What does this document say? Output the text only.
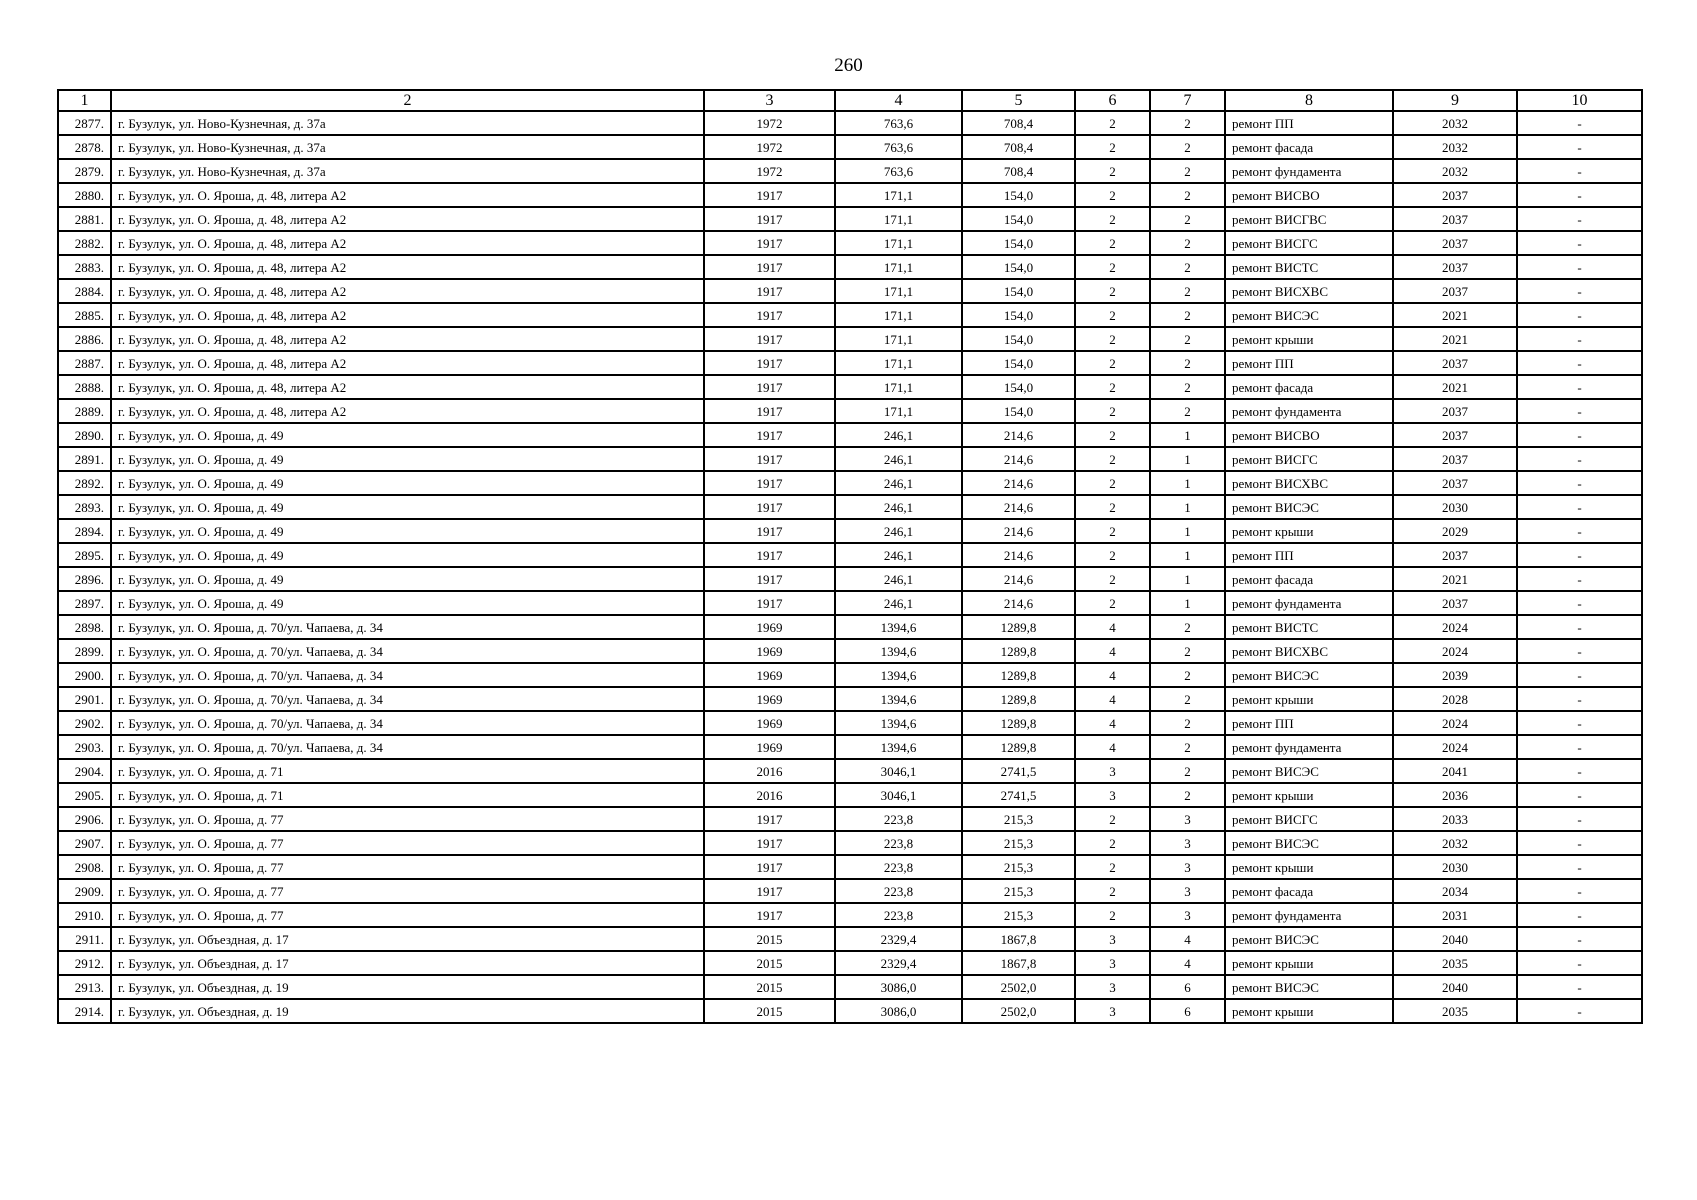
260
1	2	3	4	5	6	7	8	9	10
2877.	г. Бузулук, ул. Ново-Кузнечная, д. 37а	1972	763,6	708,4	2	2	ремонт ПП	2032	-
2878.	г. Бузулук, ул. Ново-Кузнечная, д. 37а	1972	763,6	708,4	2	2	ремонт фасада	2032	-
2879.	г. Бузулук, ул. Ново-Кузнечная, д. 37а	1972	763,6	708,4	2	2	ремонт фундамента	2032	-
2880.	г. Бузулук, ул. О. Яроша, д. 48, литера А2	1917	171,1	154,0	2	2	ремонт ВИСВО	2037	-
2881.	г. Бузулук, ул. О. Яроша, д. 48, литера А2	1917	171,1	154,0	2	2	ремонт ВИСГВС	2037	-
2882.	г. Бузулук, ул. О. Яроша, д. 48, литера А2	1917	171,1	154,0	2	2	ремонт ВИСГС	2037	-
2883.	г. Бузулук, ул. О. Яроша, д. 48, литера А2	1917	171,1	154,0	2	2	ремонт ВИСТС	2037	-
2884.	г. Бузулук, ул. О. Яроша, д. 48, литера А2	1917	171,1	154,0	2	2	ремонт ВИСХВС	2037	-
2885.	г. Бузулук, ул. О. Яроша, д. 48, литера А2	1917	171,1	154,0	2	2	ремонт ВИСЭС	2021	-
2886.	г. Бузулук, ул. О. Яроша, д. 48, литера А2	1917	171,1	154,0	2	2	ремонт крыши	2021	-
2887.	г. Бузулук, ул. О. Яроша, д. 48, литера А2	1917	171,1	154,0	2	2	ремонт ПП	2037	-
2888.	г. Бузулук, ул. О. Яроша, д. 48, литера А2	1917	171,1	154,0	2	2	ремонт фасада	2021	-
2889.	г. Бузулук, ул. О. Яроша, д. 48, литера А2	1917	171,1	154,0	2	2	ремонт фундамента	2037	-
2890.	г. Бузулук, ул. О. Яроша, д. 49	1917	246,1	214,6	2	1	ремонт ВИСВО	2037	-
2891.	г. Бузулук, ул. О. Яроша, д. 49	1917	246,1	214,6	2	1	ремонт ВИСГС	2037	-
2892.	г. Бузулук, ул. О. Яроша, д. 49	1917	246,1	214,6	2	1	ремонт ВИСХВС	2037	-
2893.	г. Бузулук, ул. О. Яроша, д. 49	1917	246,1	214,6	2	1	ремонт ВИСЭС	2030	-
2894.	г. Бузулук, ул. О. Яроша, д. 49	1917	246,1	214,6	2	1	ремонт крыши	2029	-
2895.	г. Бузулук, ул. О. Яроша, д. 49	1917	246,1	214,6	2	1	ремонт ПП	2037	-
2896.	г. Бузулук, ул. О. Яроша, д. 49	1917	246,1	214,6	2	1	ремонт фасада	2021	-
2897.	г. Бузулук, ул. О. Яроша, д. 49	1917	246,1	214,6	2	1	ремонт фундамента	2037	-
2898.	г. Бузулук, ул. О. Яроша, д. 70/ул. Чапаева, д. 34	1969	1394,6	1289,8	4	2	ремонт ВИСТС	2024	-
2899.	г. Бузулук, ул. О. Яроша, д. 70/ул. Чапаева, д. 34	1969	1394,6	1289,8	4	2	ремонт ВИСХВС	2024	-
2900.	г. Бузулук, ул. О. Яроша, д. 70/ул. Чапаева, д. 34	1969	1394,6	1289,8	4	2	ремонт ВИСЭС	2039	-
2901.	г. Бузулук, ул. О. Яроша, д. 70/ул. Чапаева, д. 34	1969	1394,6	1289,8	4	2	ремонт крыши	2028	-
2902.	г. Бузулук, ул. О. Яроша, д. 70/ул. Чапаева, д. 34	1969	1394,6	1289,8	4	2	ремонт ПП	2024	-
2903.	г. Бузулук, ул. О. Яроша, д. 70/ул. Чапаева, д. 34	1969	1394,6	1289,8	4	2	ремонт фундамента	2024	-
2904.	г. Бузулук, ул. О. Яроша, д. 71	2016	3046,1	2741,5	3	2	ремонт ВИСЭС	2041	-
2905.	г. Бузулук, ул. О. Яроша, д. 71	2016	3046,1	2741,5	3	2	ремонт крыши	2036	-
2906.	г. Бузулук, ул. О. Яроша, д. 77	1917	223,8	215,3	2	3	ремонт ВИСГС	2033	-
2907.	г. Бузулук, ул. О. Яроша, д. 77	1917	223,8	215,3	2	3	ремонт ВИСЭС	2032	-
2908.	г. Бузулук, ул. О. Яроша, д. 77	1917	223,8	215,3	2	3	ремонт крыши	2030	-
2909.	г. Бузулук, ул. О. Яроша, д. 77	1917	223,8	215,3	2	3	ремонт фасада	2034	-
2910.	г. Бузулук, ул. О. Яроша, д. 77	1917	223,8	215,3	2	3	ремонт фундамента	2031	-
2911.	г. Бузулук, ул. Объездная, д. 17	2015	2329,4	1867,8	3	4	ремонт ВИСЭС	2040	-
2912.	г. Бузулук, ул. Объездная, д. 17	2015	2329,4	1867,8	3	4	ремонт крыши	2035	-
2913.	г. Бузулук, ул. Объездная, д. 19	2015	3086,0	2502,0	3	6	ремонт ВИСЭС	2040	-
2914.	г. Бузулук, ул. Объездная, д. 19	2015	3086,0	2502,0	3	6	ремонт крыши	2035	-
